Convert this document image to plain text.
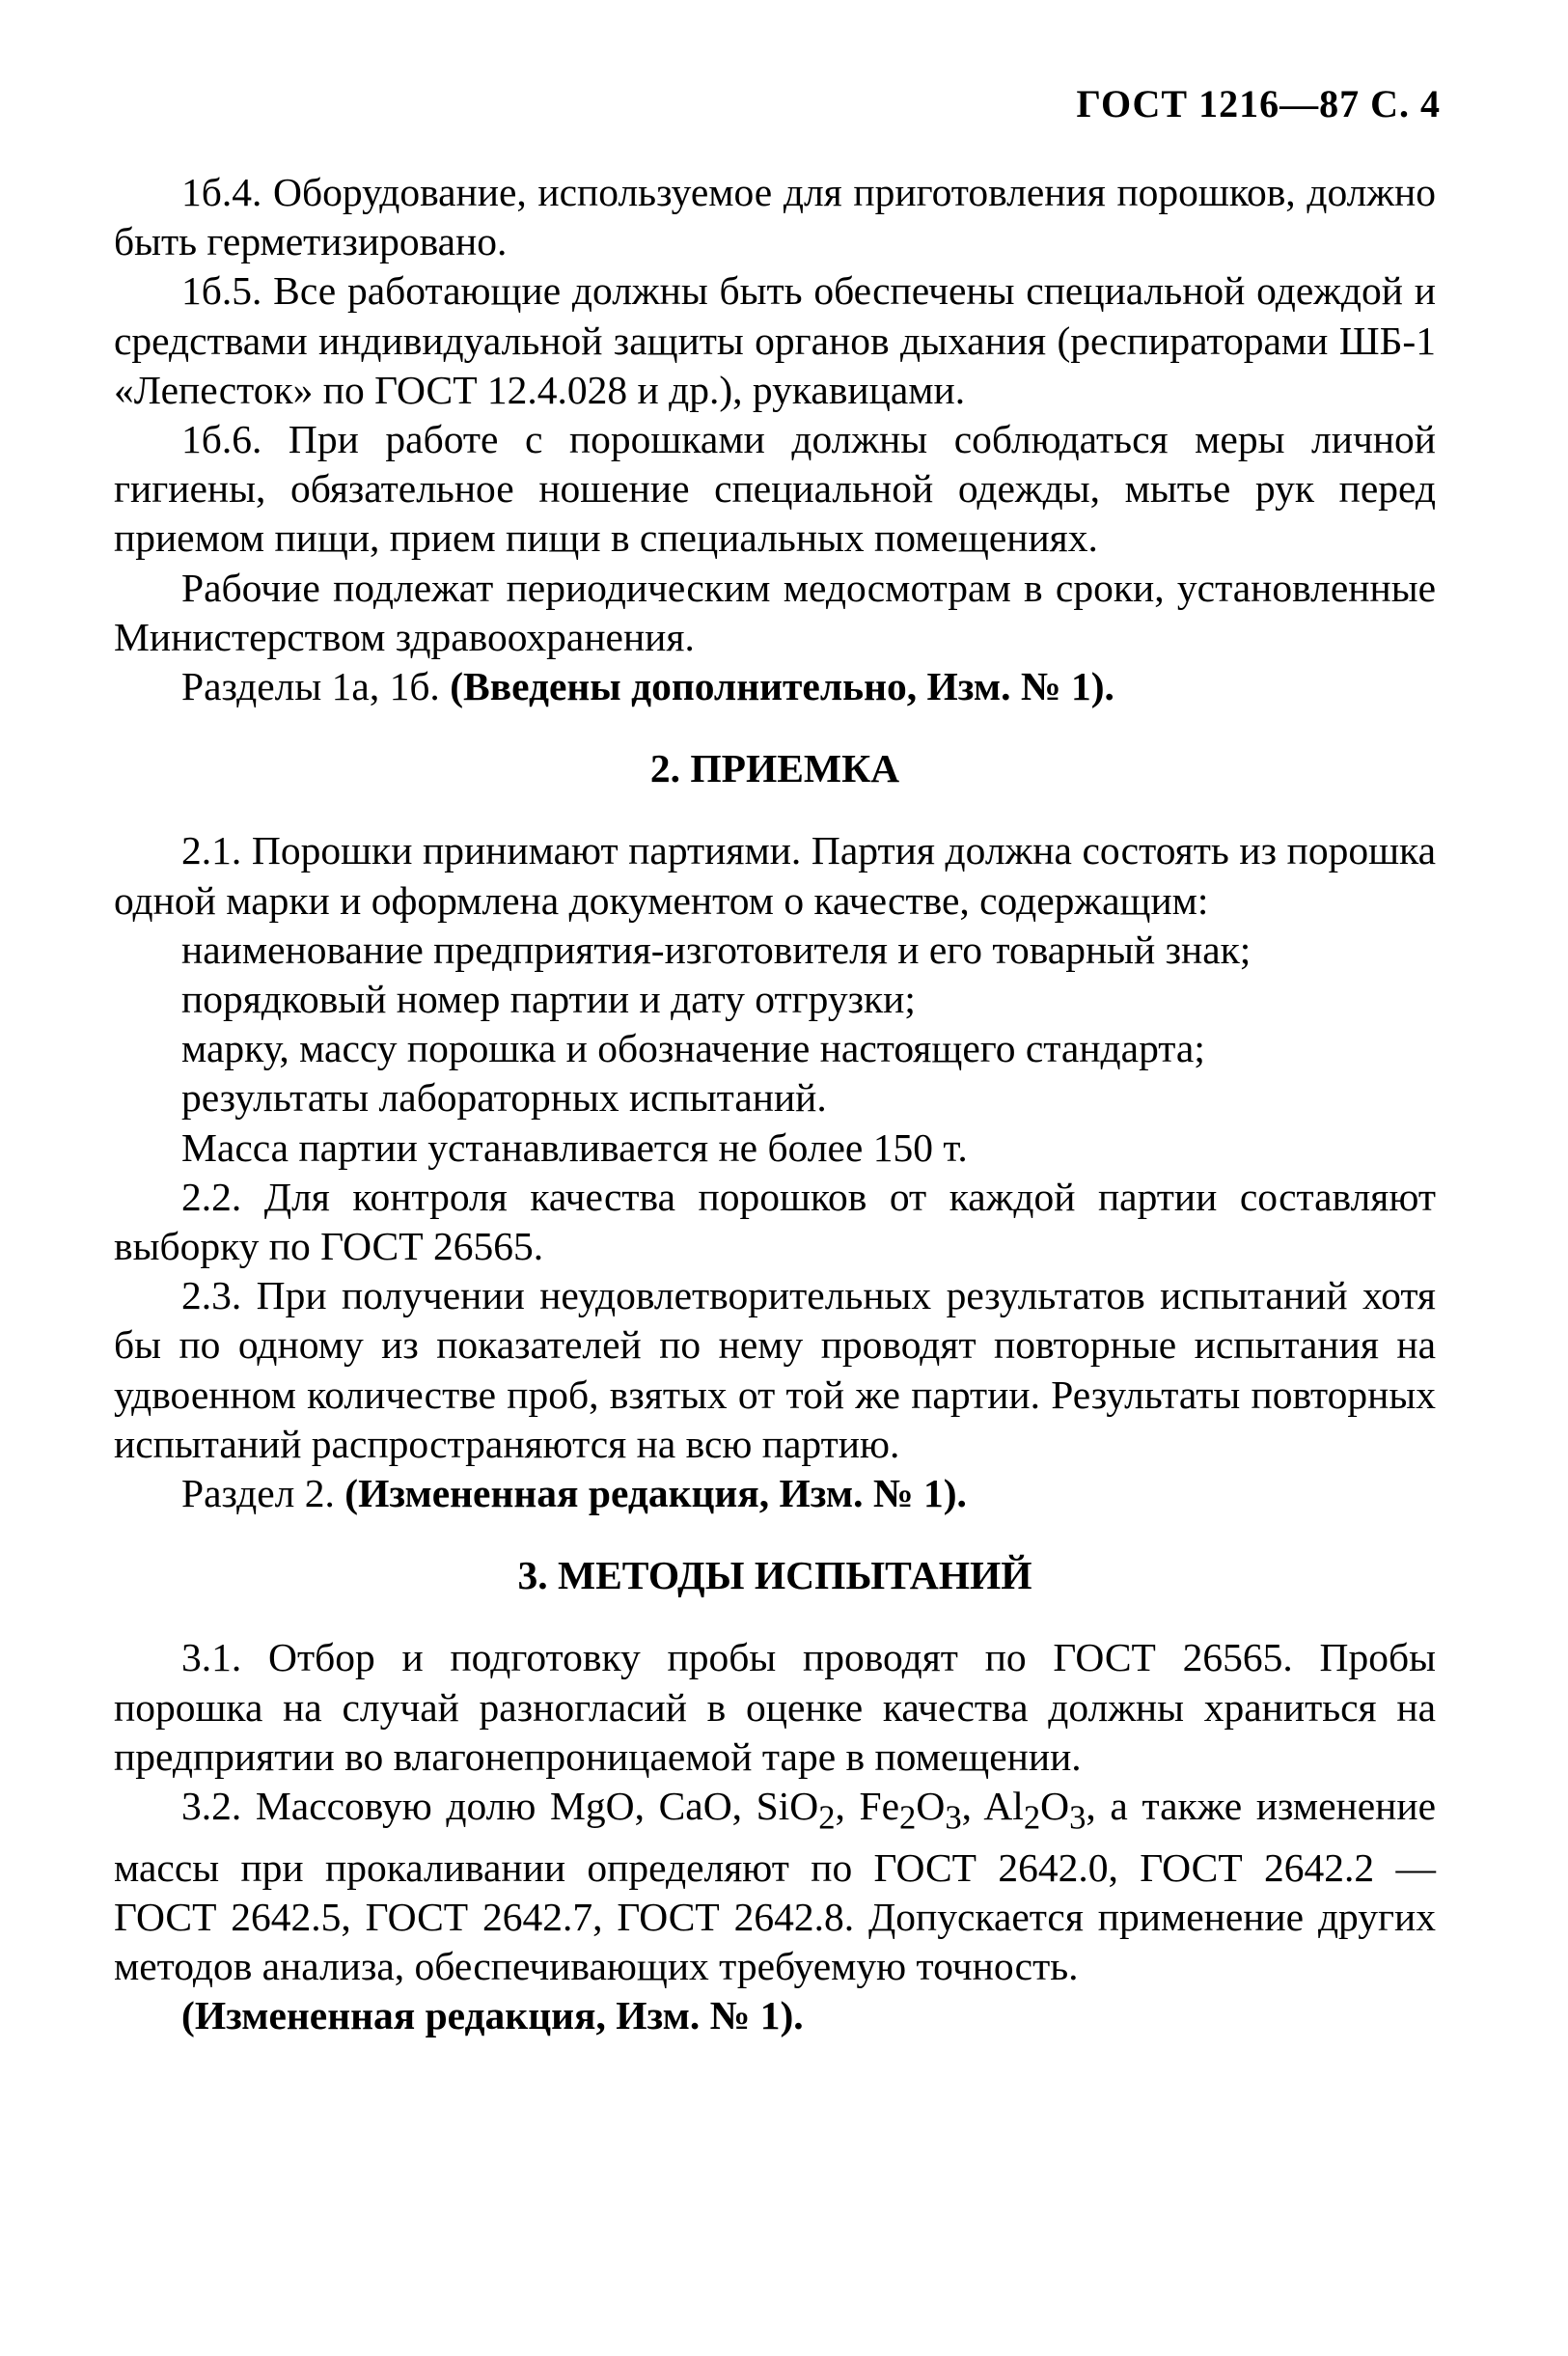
ГОСТ 1216—87 С. 4

1б.4. Оборудование, используемое для приготовления порошков, должно быть герметизировано.

1б.5. Все работающие должны быть обеспечены специальной одеждой и средствами индивидуальной защиты органов дыхания (респираторами ШБ-1 «Лепесток» по ГОСТ 12.4.028 и др.), рукавицами.

1б.6. При работе с порошками должны соблюдаться меры личной гигиены, обязательное ношение специальной одежды, мытье рук перед приемом пищи, прием пищи в специальных помещениях.

Рабочие подлежат периодическим медосмотрам в сроки, установленные Министерством здравоохранения.

Разделы 1а, 1б. (Введены дополнительно, Изм. № 1).

2. ПРИЕМКА

2.1. Порошки принимают партиями. Партия должна состоять из порошка одной марки и оформлена документом о качестве, содержащим:

наименование предприятия-изготовителя и его товарный знак;

порядковый номер партии и дату отгрузки;

марку, массу порошка и обозначение настоящего стандарта;

результаты лабораторных испытаний.

Масса партии устанавливается не более 150 т.

2.2. Для контроля качества порошков от каждой партии составляют выборку по ГОСТ 26565.

2.3. При получении неудовлетворительных результатов испытаний хотя бы по одному из показателей по нему проводят повторные испытания на удвоенном количестве проб, взятых от той же партии. Результаты повторных испытаний распространяются на всю партию.

Раздел 2. (Измененная редакция, Изм. № 1).

3. МЕТОДЫ ИСПЫТАНИЙ

3.1. Отбор и подготовку пробы проводят по ГОСТ 26565. Пробы порошка на случай разногласий в оценке качества должны храниться на предприятии во влагонепроницаемой таре в помещении.

3.2. Массовую долю MgO, CaO, SiO$_2$, $Fe_2O_3$, $Al_2O_3$, а также изменение массы при прокаливании определяют по ГОСТ 2642.0, ГОСТ 2642.2 — ГОСТ 2642.5, ГОСТ 2642.7, ГОСТ 2642.8. Допускается применение других методов анализа, обеспечивающих требуемую точность.

(Измененная редакция, Изм. № 1).
